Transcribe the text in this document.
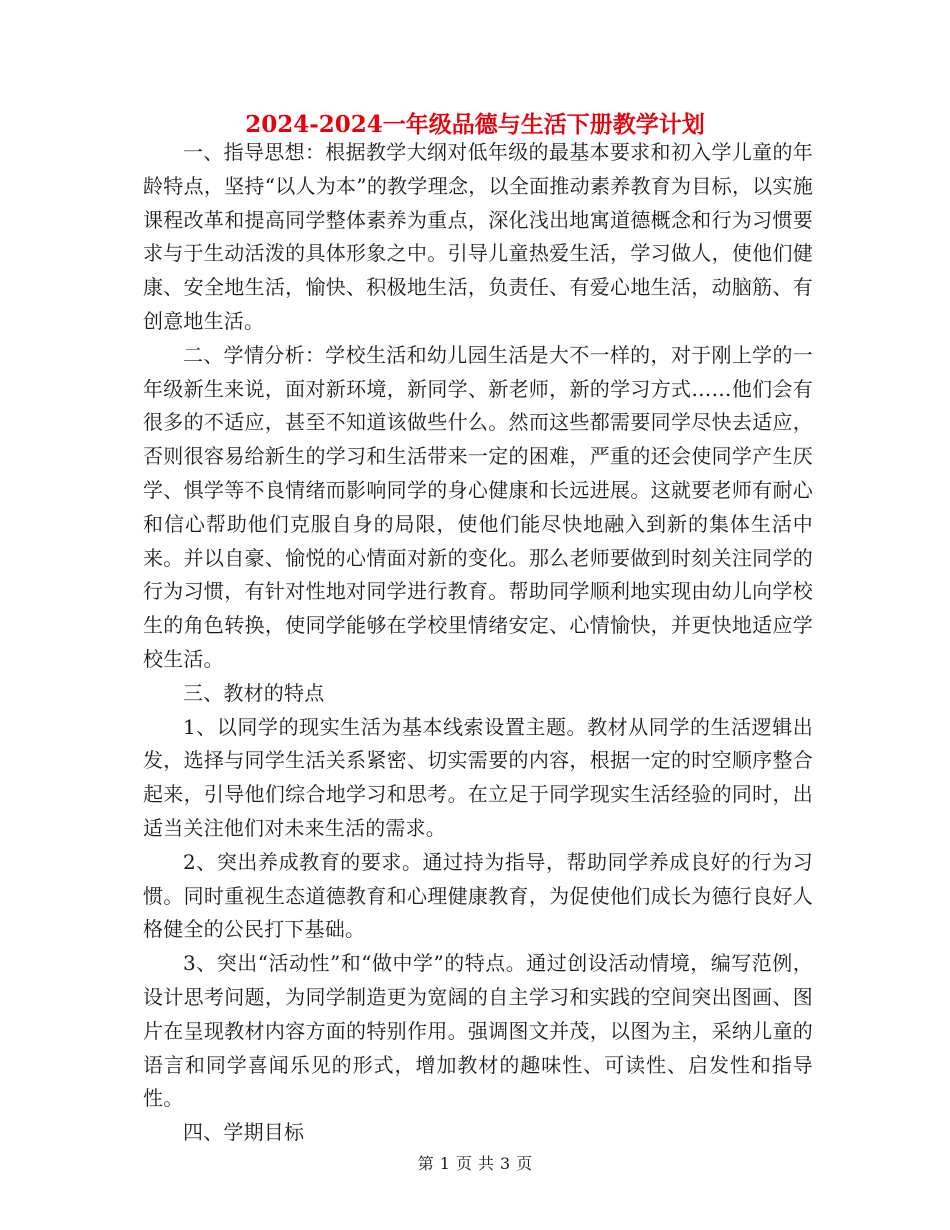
2024-2024一年级品德与生活下册教学计划

一、指导思想：根据教学大纲对低年级的最基本要求和初入学儿童的年龄特点，坚持“以人为本”的教学理念，以全面推动素养教育为目标，以实施课程改革和提高同学整体素养为重点，深化浅出地寓道德概念和行为习惯要求与于生动活泼的具体形象之中。引导儿童热爱生活，学习做人，使他们健康、安全地生活，愉快、积极地生活，负责任、有爱心地生活，动脑筋、有创意地生活。

二、学情分析：学校生活和幼儿园生活是大不一样的，对于刚上学的一年级新生来说，面对新环境，新同学、新老师，新的学习方式……他们会有很多的不适应，甚至不知道该做些什么。然而这些都需要同学尽快去适应，否则很容易给新生的学习和生活带来一定的困难，严重的还会使同学产生厌学、惧学等不良情绪而影响同学的身心健康和长远进展。这就要老师有耐心和信心帮助他们克服自身的局限，使他们能尽快地融入到新的集体生活中来。并以自豪、愉悦的心情面对新的变化。那么老师要做到时刻关注同学的行为习惯，有针对性地对同学进行教育。帮助同学顺利地实现由幼儿向学校生的角色转换，使同学能够在学校里情绪安定、心情愉快，并更快地适应学校生活。

三、教材的特点

1、以同学的现实生活为基本线索设置主题。教材从同学的生活逻辑出发，选择与同学生活关系紧密、切实需要的内容，根据一定的时空顺序整合起来，引导他们综合地学习和思考。在立足于同学现实生活经验的同时，出适当关注他们对未来生活的需求。

2、突出养成教育的要求。通过持为指导，帮助同学养成良好的行为习惯。同时重视生态道德教育和心理健康教育，为促使他们成长为德行良好人格健全的公民打下基础。

3、突出“活动性”和“做中学”的特点。通过创设活动情境，编写范例，设计思考问题，为同学制造更为宽阔的自主学习和实践的空间突出图画、图片在呈现教材内容方面的特别作用。强调图文并茂，以图为主，采纳儿童的语言和同学喜闻乐见的形式，增加教材的趣味性、可读性、启发性和指导性。

四、学期目标

第 1 页 共 3 页
